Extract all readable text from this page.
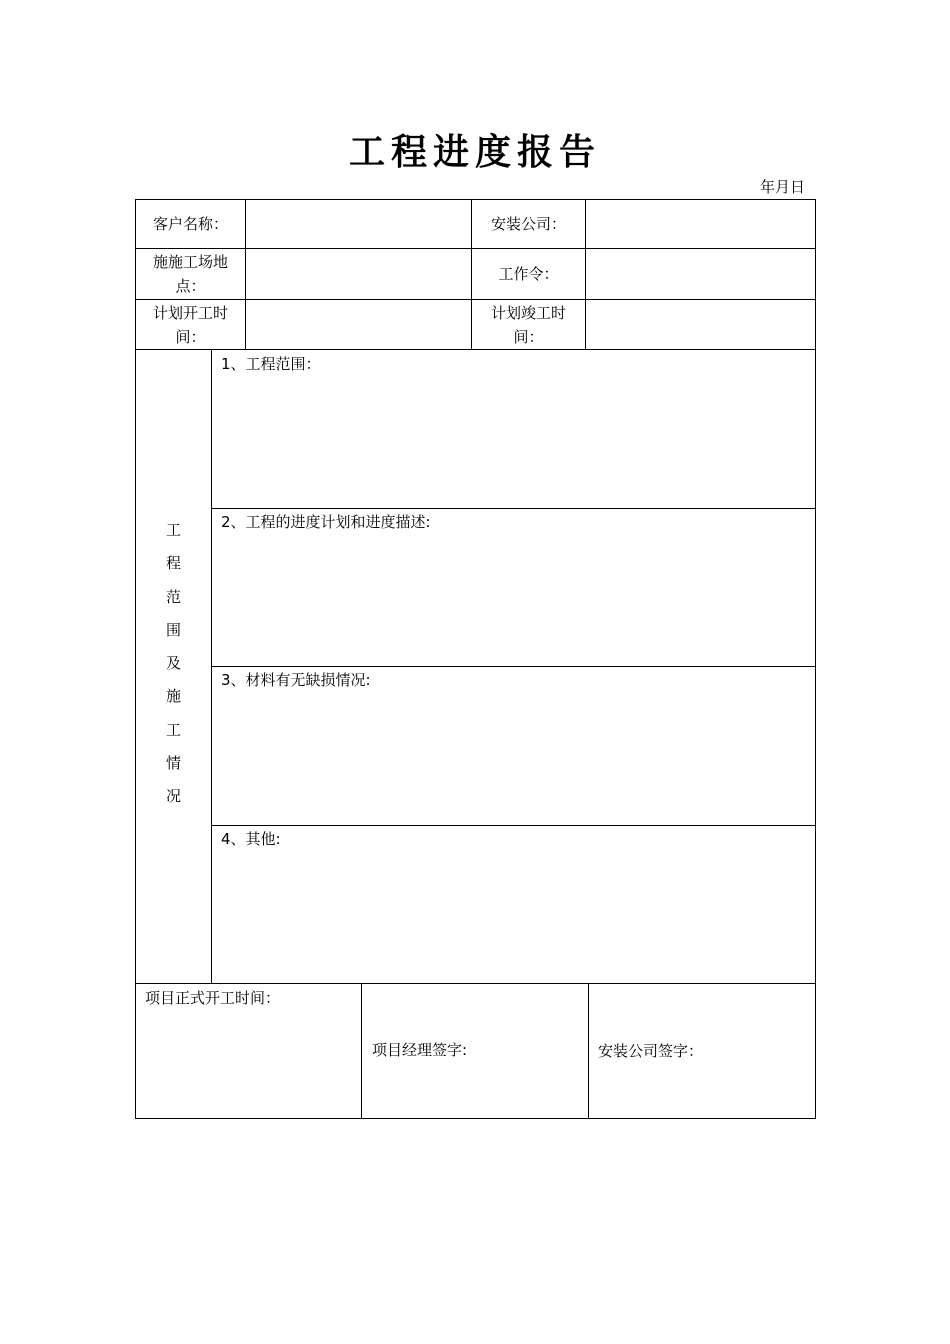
工程进度报告
年月日
客户名称：	安装公司：
施施工场地
点：
工作令：
计划开工时
间：
计划竣工时
间：
工
程
范
围
及
施
工
情
况
1、工程范围：
2、工程的进度计划和进度描述:
3、材料有无缺损情况:
4、其他:
项目正式开工时间：
项目经理签字:	安装公司签字：
